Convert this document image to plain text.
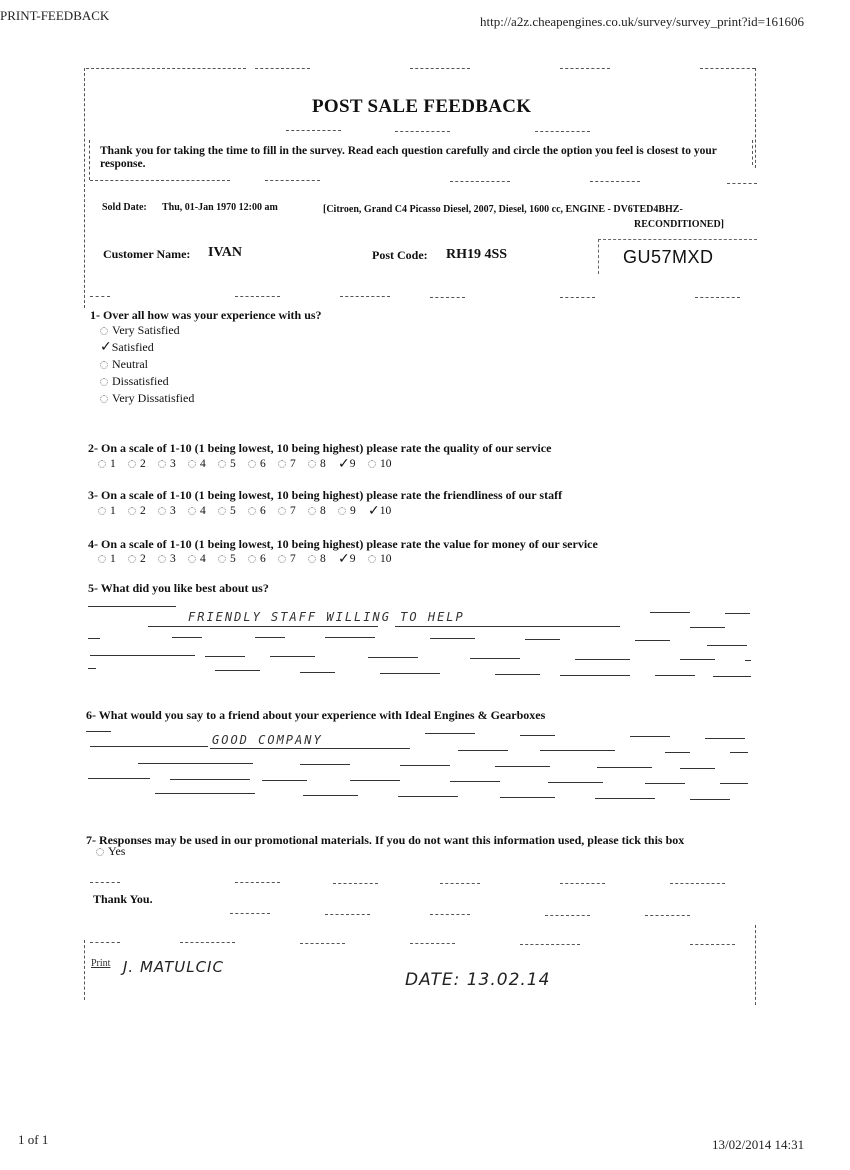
PRINT-FEEDBACK	http://a2z.cheapengines.co.uk/survey/survey_print?id=161606
POST SALE FEEDBACK
Thank you for taking the time to fill in the survey. Read each question carefully and circle the option you feel is closest to your response.
Sold Date: Thu, 01-Jan 1970 12:00 am	[Citroen, Grand C4 Picasso Diesel, 2007, Diesel, 1600 cc, ENGINE - DV6TED4BHZ-
RECONDITIONED]
Customer Name: IVAN	Post Code: RH19 4SS	GU57MXD
1- Over all how was your experience with us?
Very Satisfied
✓ Satisfied
Neutral
Dissatisfied
Very Dissatisfied
2- On a scale of 1-10 (1 being lowest, 10 being highest) please rate the quality of our service
1 2 3 4 5 6 7 8 ✓ 9 10
3- On a scale of 1-10 (1 being lowest, 10 being highest) please rate the friendliness of our staff
1 2 3 4 5 6 7 8 9 ✓ 10
4- On a scale of 1-10 (1 being lowest, 10 being highest) please rate the value for money of our service
1 2 3 4 5 6 7 8 ✓ 9 10
5- What did you like best about us?
FRIENDLY STAFF WILLING TO HELP
6- What would you say to a friend about your experience with Ideal Engines & Gearboxes
GOOD COMPANY
7- Responses may be used in our promotional materials. If you do not want this information used, please tick this box
Yes
Thank You.
Print J. MATULCIC
DATE: 13.02.14
1 of 1	13/02/2014 14:31
